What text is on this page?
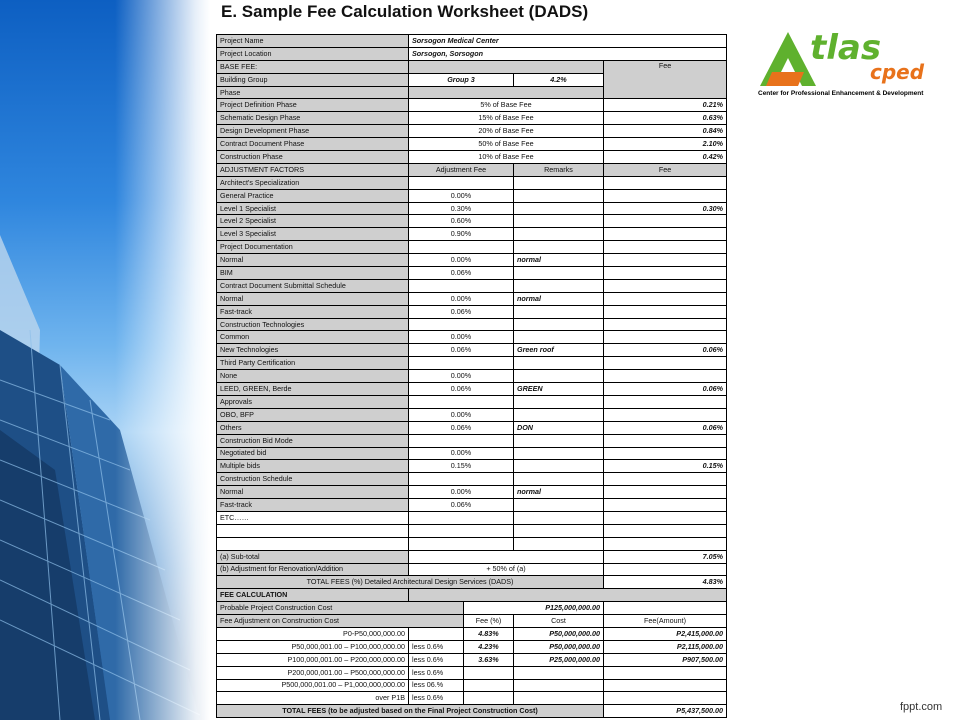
E. Sample Fee Calculation Worksheet (DADS)
Project Name	Sorsogon Medical Center			
Project Location	Sorsogon, Sorsogon			
BASE FEE:				Fee
Building Group	Group 3		4.2%	
Phase				
Project Definition Phase	5% of Base Fee			0.21%
Schematic Design Phase	15% of Base Fee			0.63%
Design Development Phase	20% of Base Fee			0.84%
Contract Document Phase	50% of Base Fee			2.10%
Construction Phase	10% of Base Fee			0.42%
ADJUSTMENT FACTORS	Adjustment Fee		Remarks	Fee
Architect's Specialization				
General Practice	0.00%			
Level 1 Specialist	0.30%			0.30%
Level 2 Specialist	0.60%			
Level 3 Specialist	0.90%			
Project Documentation				
Normal	0.00%		normal	
BIM	0.06%			
Contract Document Submittal Schedule				
Normal	0.00%		normal	
Fast-track	0.06%			
Construction Technologies				
Common	0.00%			
New Technologies	0.06%		Green roof	0.06%
Third Party Certification				
None	0.00%			
LEED, GREEN, Berde	0.06%		GREEN	0.06%
Approvals				
OBO, BFP	0.00%			
Others	0.06%		DON	0.06%
Construction Bid Mode				
Negotiated bid	0.00%			
Multiple bids	0.15%			0.15%
Construction Schedule				
Normal	0.00%		normal	
Fast-track	0.06%			
ETC……				

(a) Sub-total				7.05%
(b) Adjustment for Renovation/Addition	+ 50% of (a)			
TOTAL FEES (%) Detailed Architectural Design Services (DADS)				4.83%
FEE CALCULATION				
Probable Project Construction Cost		P125,000,000.00		
Fee Adjustment on Construction Cost		Fee (%)	Cost	Fee(Amount)
P0-P50,000,000.00		4.83%	P50,000,000.00	P2,415,000.00
P50,000,001.00 – P100,000,000.00	less 0.6%	4.23%	P50,000,000.00	P2,115,000.00
P100,000,001.00 – P200,000,000.00	less 0.6%	3.63%	P25,000,000.00	P907,500.00
P200,000,001.00 – P500,000,000.00	less 0.6%			
P500,000,001.00 – P1,000,000,000.00	less 06.%			
over P1B	less 0.6%			
TOTAL FEES (to be adjusted based on the Final Project Construction Cost)				P5,437,500.00
tlas
cped
Center for Professional Enhancement & Development
fppt.com
